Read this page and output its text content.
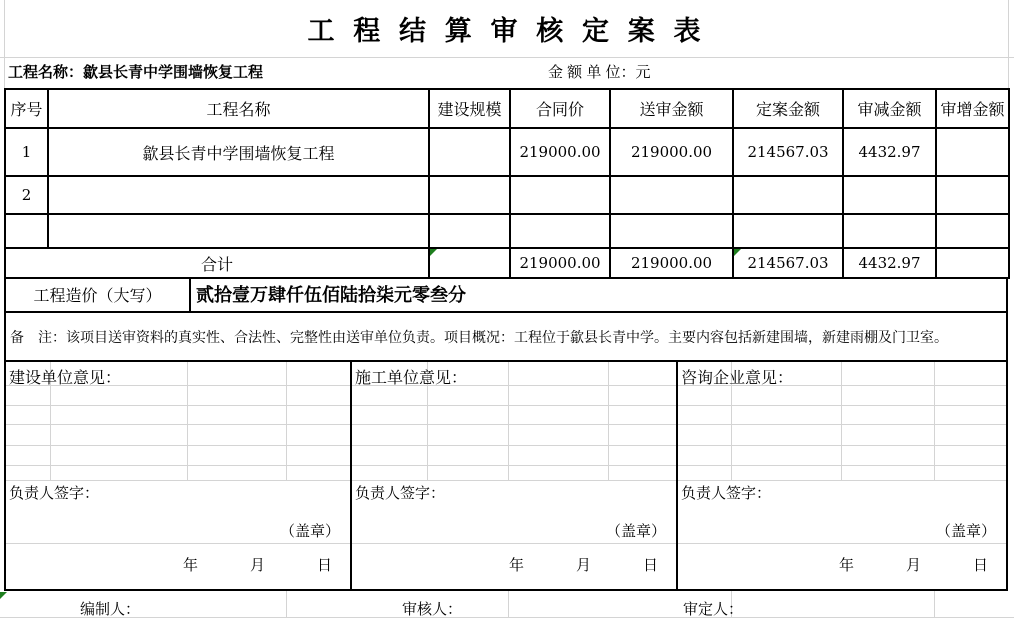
工 程 结 算 审 核 定 案 表
工程名称：歙县长青中学围墙恢复工程	金 额 单 位：元
序号	工程名称	建设规模	合同价	送审金额	定案金额	审减金额	审增金额
1	歙县长青中学围墙恢复工程		219000.00	219000.00	214567.03	4432.97	
2							

合计			219000.00	219000.00	214567.03	4432.97	
工程造价（大写）	贰拾壹万肆仟伍佰陆拾柒元零叁分
备　注：该项目送审资料的真实性、合法性、完整性由送审单位负责。项目概况：工程位于歙县长青中学。主要内容包括新建围墙，新建雨棚及门卫室。
建设单位意见：
负责人签字：
（盖章）
年	月	日
施工单位意见：
负责人签字：
（盖章）
年	月	日
咨询企业意见：
负责人签字：
（盖章）
年	月	日
编制人：	审核人：	审定人：
